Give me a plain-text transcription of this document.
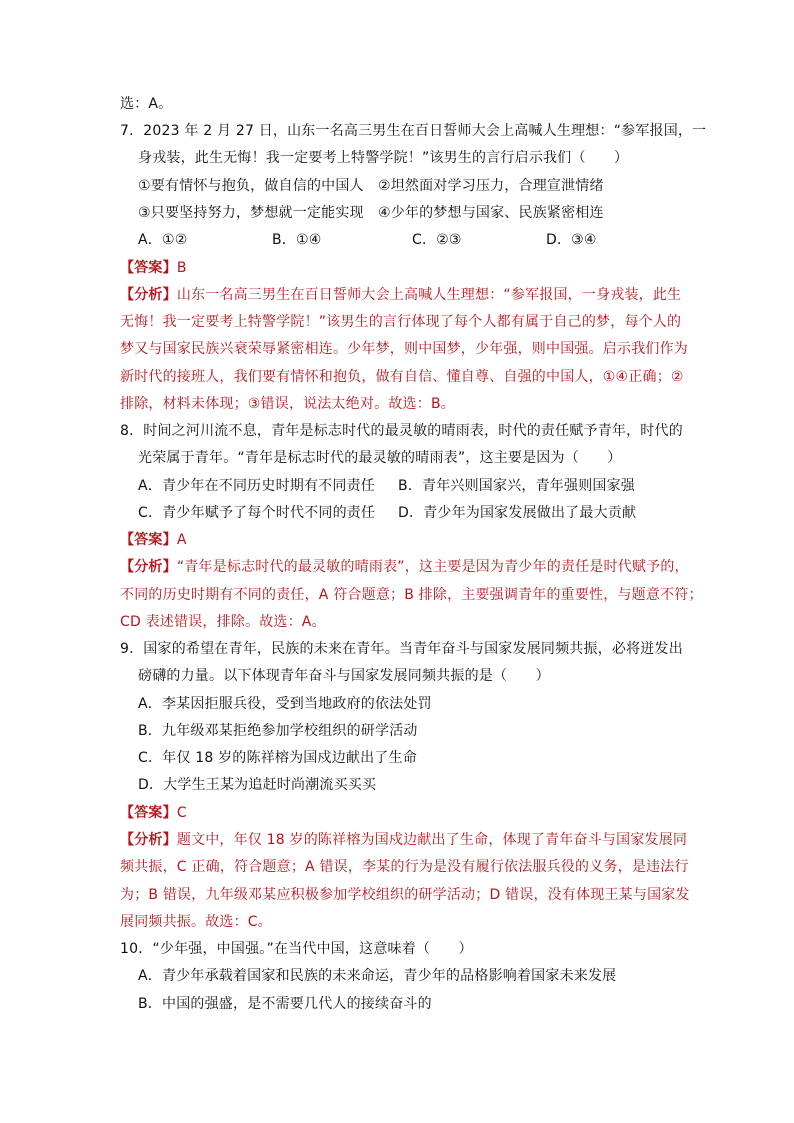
选：A。
7．2023 年 2 月 27 日，山东一名高三男生在百日誓师大会上高喊人生理想：“参军报国，一
身戎装，此生无悔！我一定要考上特警学院！”该男生的言行启示我们（　　）
①要有情怀与抱负，做自信的中国人　②坦然面对学习压力，合理宣泄情绪
③只要坚持努力，梦想就一定能实现　④少年的梦想与国家、民族紧密相连
A．①②	B．①④	C．②③	D．③④
【答案】B
【分析】山东一名高三男生在百日誓师大会上高喊人生理想：“参军报国，一身戎装，此生
无悔！我一定要考上特警学院！”该男生的言行体现了每个人都有属于自己的梦，每个人的
梦又与国家民族兴衰荣辱紧密相连。少年梦，则中国梦，少年强，则中国强。启示我们作为
新时代的接班人，我们要有情怀和抱负，做有自信、懂自尊、自强的中国人，①④正确；②
排除，材料未体现；③错误，说法太绝对。故选：B。
8．时间之河川流不息，青年是标志时代的最灵敏的晴雨表，时代的责任赋予青年，时代的
光荣属于青年。“青年是标志时代的最灵敏的晴雨表”，这主要是因为（　　）
A．青少年在不同历史时期有不同责任 B．青年兴则国家兴，青年强则国家强
C．青少年赋予了每个时代不同的责任 D．青少年为国家发展做出了最大贡献
【答案】A
【分析】“青年是标志时代的最灵敏的晴雨表”，这主要是因为青少年的责任是时代赋予的，
不同的历史时期有不同的责任，A 符合题意；B 排除，主要强调青年的重要性，与题意不符；
CD 表述错误，排除。故选：A。
9．国家的希望在青年，民族的未来在青年。当青年奋斗与国家发展同频共振，必将迸发出
磅礴的力量。以下体现青年奋斗与国家发展同频共振的是（　　）
A．李某因拒服兵役，受到当地政府的依法处罚
B．九年级邓某拒绝参加学校组织的研学活动
C．年仅 18 岁的陈祥榕为国戍边献出了生命
D．大学生王某为追赶时尚潮流买买买
【答案】C
【分析】题文中，年仅 18 岁的陈祥榕为国戍边献出了生命，体现了青年奋斗与国家发展同
频共振，C 正确，符合题意；A 错误，李某的行为是没有履行依法服兵役的义务，是违法行
为；B 错误，九年级邓某应积极参加学校组织的研学活动；D 错误，没有体现王某与国家发
展同频共振。故选：C。
10．“少年强，中国强。”在当代中国，这意味着（　　）
A．青少年承载着国家和民族的未来命运，青少年的品格影响着国家未来发展
B．中国的强盛，是不需要几代人的接续奋斗的
